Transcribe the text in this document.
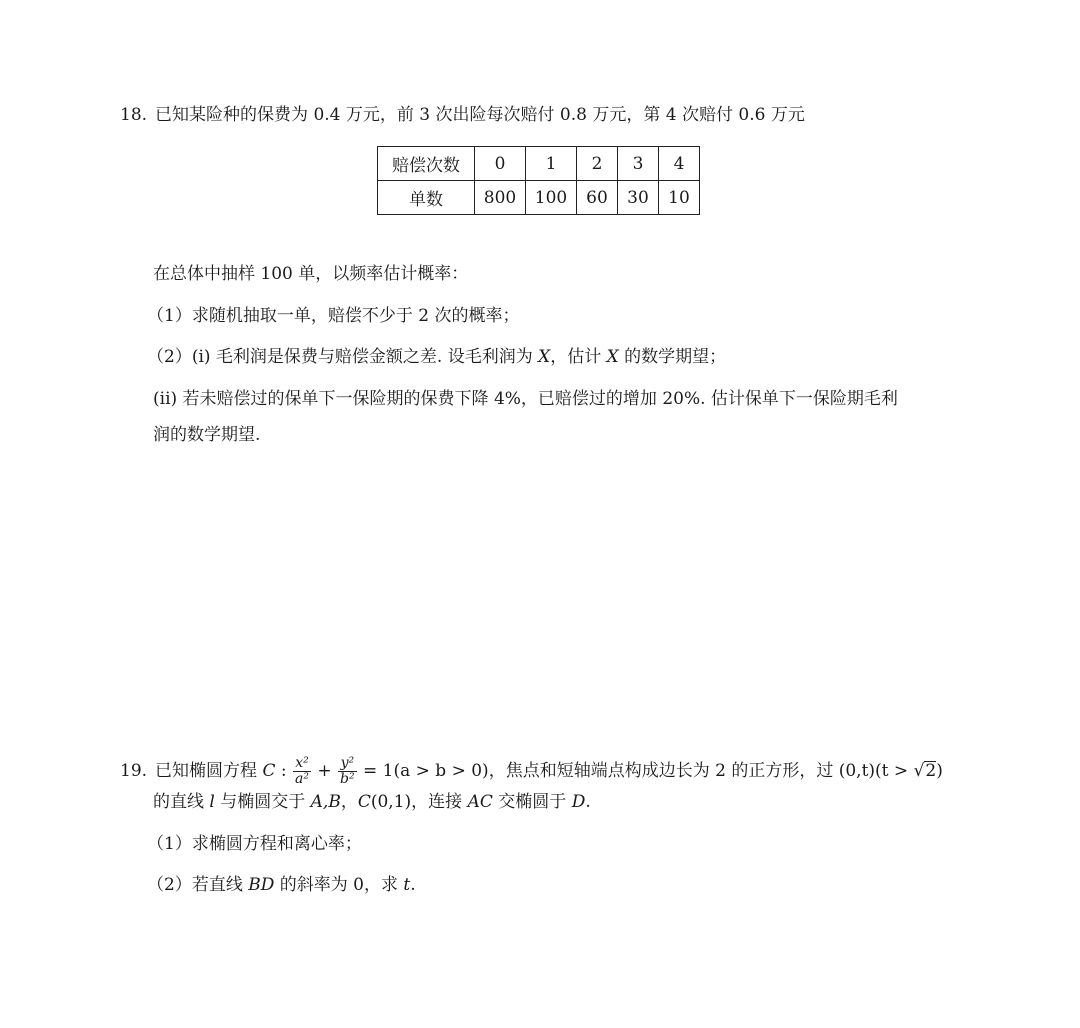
18. 已知某险种的保费为 0.4 万元，前 3 次出险每次赔付 0.8 万元，第 4 次赔付 0.6 万元
赔偿次数	0	1	2	3	4
单数	800	100	60	30	10
在总体中抽样 100 单，以频率估计概率：
（1）求随机抽取一单，赔偿不少于 2 次的概率；
（2）(i) 毛利润是保费与赔偿金额之差. 设毛利润为 X，估计 X 的数学期望；
(ii) 若未赔偿过的保单下一保险期的保费下降 4%，已赔偿过的增加 20%. 估计保单下一保险期毛利
润的数学期望.
19. 已知椭圆方程 C : $\frac{\text{x²}}{\text{a²}} + \frac{\text{y²}}{\text{b²}} = 1(a > b > 0)$，焦点和短轴端点构成边长为 2 的正方形，过 (0,t)(t > √2)
的直线 l 与椭圆交于 A,B，C(0,1)，连接 AC 交椭圆于 D.
（1）求椭圆方程和离心率；
（2）若直线 BD 的斜率为 0，求 t.
